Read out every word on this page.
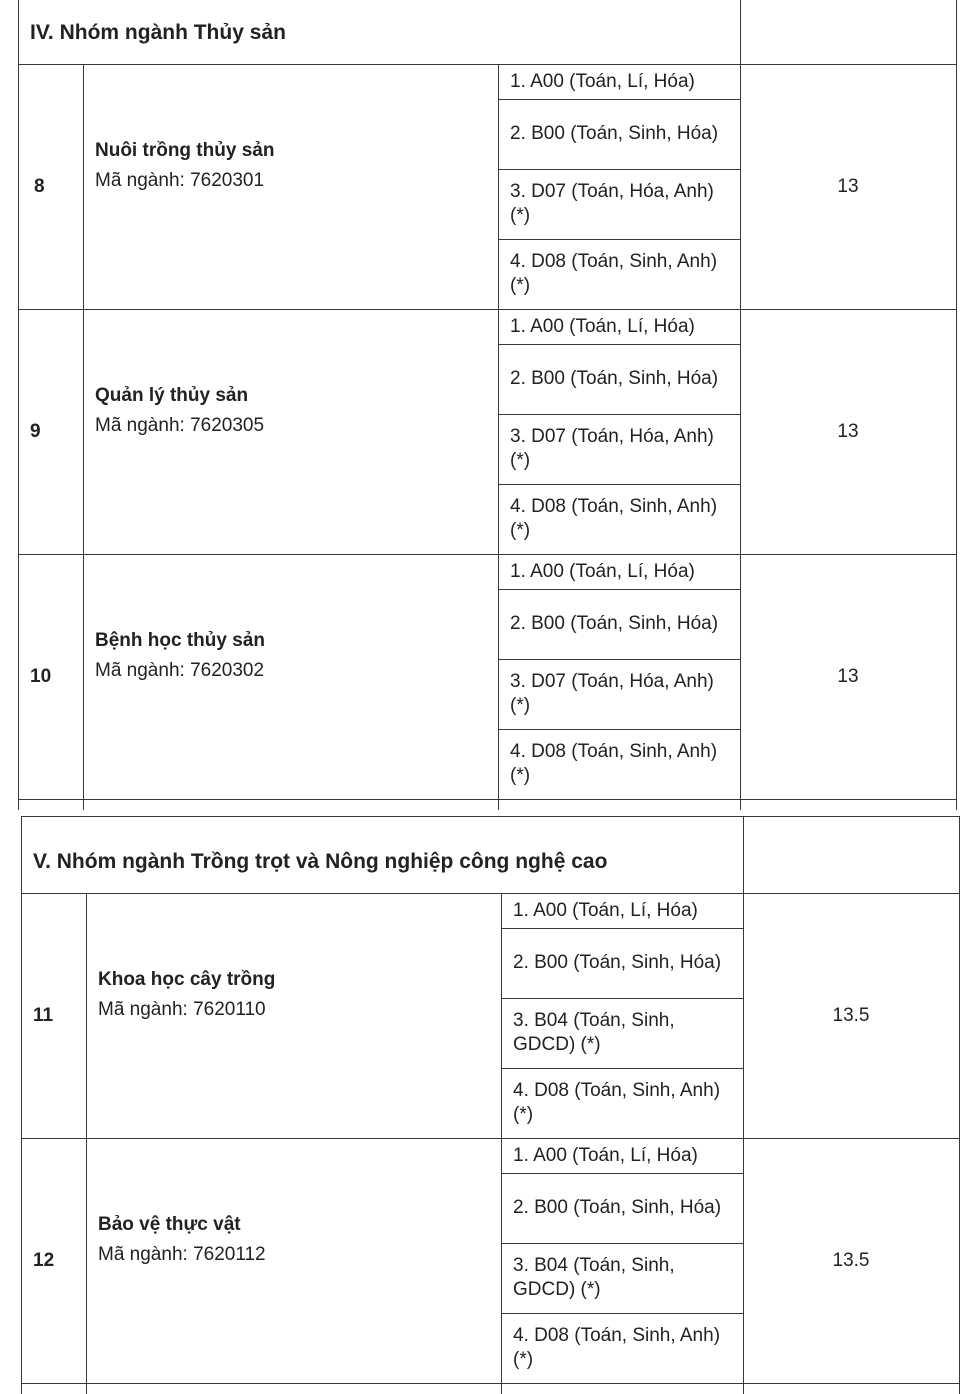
IV. Nhóm ngành Thủy sản
8
Nuôi trồng thủy sản
Mã ngành: 7620301
1. A00 (Toán, Lí, Hóa)
2. B00 (Toán, Sinh, Hóa)
3. D07 (Toán, Hóa, Anh) (*)
4. D08 (Toán, Sinh, Anh) (*)
13
9
Quản lý thủy sản
Mã ngành: 7620305
1. A00 (Toán, Lí, Hóa)
2. B00 (Toán, Sinh, Hóa)
3. D07 (Toán, Hóa, Anh) (*)
4. D08 (Toán, Sinh, Anh) (*)
13
10
Bệnh học thủy sản
Mã ngành: 7620302
1. A00 (Toán, Lí, Hóa)
2. B00 (Toán, Sinh, Hóa)
3. D07 (Toán, Hóa, Anh) (*)
4. D08 (Toán, Sinh, Anh) (*)
13
V. Nhóm ngành Trồng trọt và Nông nghiệp công nghệ cao
11
Khoa học cây trồng
Mã ngành: 7620110
1. A00 (Toán, Lí, Hóa)
2. B00 (Toán, Sinh, Hóa)
3. B04 (Toán, Sinh, GDCD) (*)
4. D08 (Toán, Sinh, Anh) (*)
13.5
12
Bảo vệ thực vật
Mã ngành: 7620112
1. A00 (Toán, Lí, Hóa)
2. B00 (Toán, Sinh, Hóa)
3. B04 (Toán, Sinh, GDCD) (*)
4. D08 (Toán, Sinh, Anh) (*)
13.5
